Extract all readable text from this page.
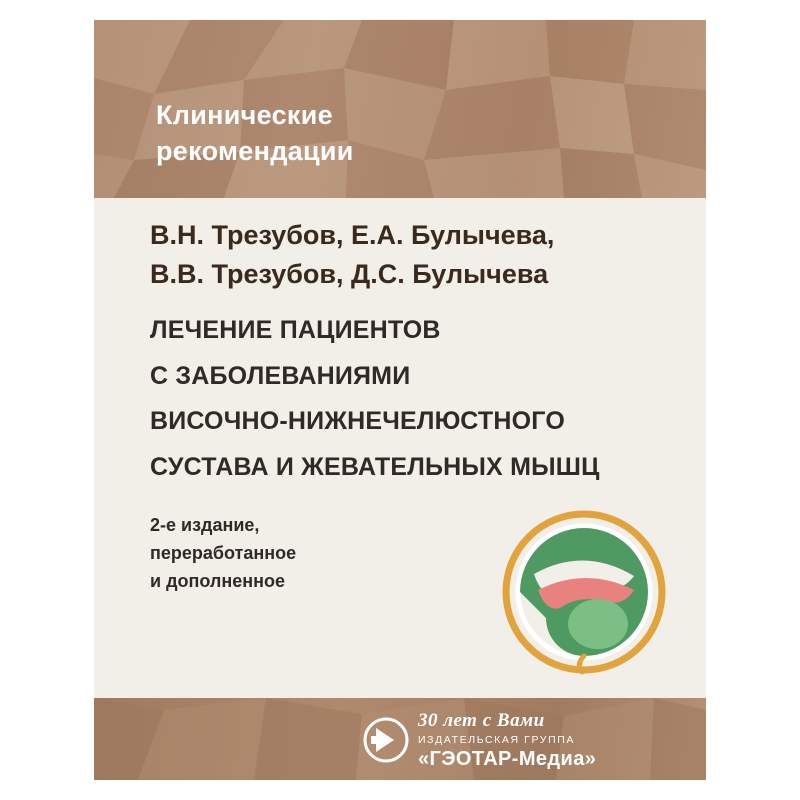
Клинические
рекомендации
В.Н. Трезубов, Е.А. Булычева,
В.В. Трезубов, Д.С. Булычева
ЛЕЧЕНИЕ ПАЦИЕНТОВ
С ЗАБОЛЕВАНИЯМИ
ВИСОЧНО-НИЖНЕЧЕЛЮСТНОГО
СУСТАВА И ЖЕВАТЕЛЬНЫХ МЫШЦ
2-е издание,
переработанное
и дополненное
30 лет с Вами
ИЗДАТЕЛЬСКАЯ ГРУППА
«ГЭОТАР-Медиа»
